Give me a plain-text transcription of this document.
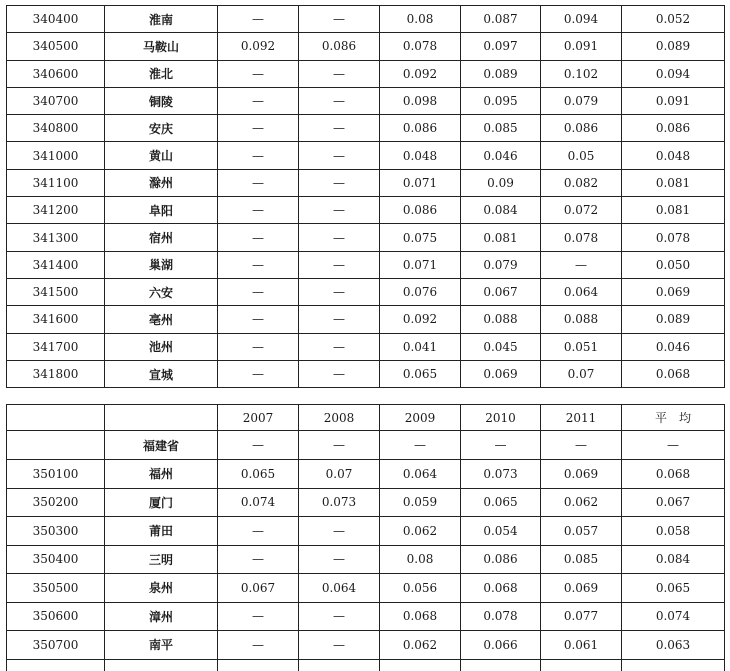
340400	淮南	—	—	0.08	0.087	0.094	0.052
340500	马鞍山	0.092	0.086	0.078	0.097	0.091	0.089
340600	淮北	—	—	0.092	0.089	0.102	0.094
340700	铜陵	—	—	0.098	0.095	0.079	0.091
340800	安庆	—	—	0.086	0.085	0.086	0.086
341000	黄山	—	—	0.048	0.046	0.05	0.048
341100	滁州	—	—	0.071	0.09	0.082	0.081
341200	阜阳	—	—	0.086	0.084	0.072	0.081
341300	宿州	—	—	0.075	0.081	0.078	0.078
341400	巢湖	—	—	0.071	0.079	—	0.050
341500	六安	—	—	0.076	0.067	0.064	0.069
341600	亳州	—	—	0.092	0.088	0.088	0.089
341700	池州	—	—	0.041	0.045	0.051	0.046
341800	宣城	—	—	0.065	0.069	0.07	0.068
		2007	2008	2009	2010	2011	平　均
	福建省	—	—	—	—	—	—
350100	福州	0.065	0.07	0.064	0.073	0.069	0.068
350200	厦门	0.074	0.073	0.059	0.065	0.062	0.067
350300	莆田	—	—	0.062	0.054	0.057	0.058
350400	三明	—	—	0.08	0.086	0.085	0.084
350500	泉州	0.067	0.064	0.056	0.068	0.069	0.065
350600	漳州	—	—	0.068	0.078	0.077	0.074
350700	南平	—	—	0.062	0.066	0.061	0.063
